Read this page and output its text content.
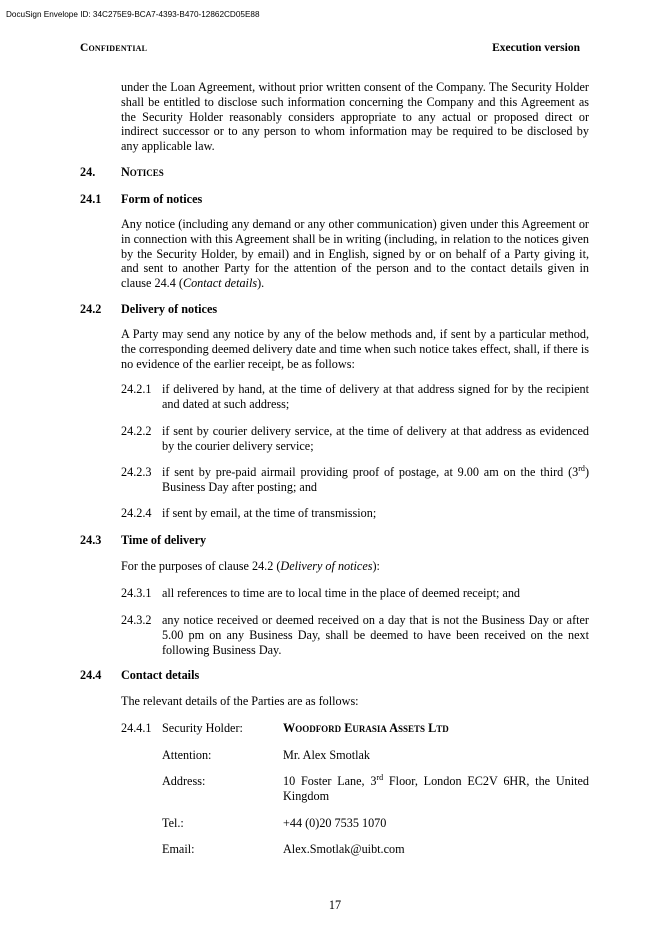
DocuSign Envelope ID: 34C275E9-BCA7-4393-B470-12862CD05E88
Confidential	Execution version
under the Loan Agreement, without prior written consent of the Company. The Security Holder shall be entitled to disclose such information concerning the Company and this Agreement as the Security Holder reasonably considers appropriate to any actual or proposed direct or indirect successor or to any person to whom information may be required to be disclosed by any applicable law.
24. Notices
24.1 Form of notices
Any notice (including any demand or any other communication) given under this Agreement or in connection with this Agreement shall be in writing (including, in relation to the notices given by the Security Holder, by email) and in English, signed by or on behalf of a Party giving it, and sent to another Party for the attention of the person and to the contact details given in clause 24.4 (Contact details).
24.2 Delivery of notices
A Party may send any notice by any of the below methods and, if sent by a particular method, the corresponding deemed delivery date and time when such notice takes effect, shall, if there is no evidence of the earlier receipt, be as follows:
24.2.1 if delivered by hand, at the time of delivery at that address signed for by the recipient and dated at such address;
24.2.2 if sent by courier delivery service, at the time of delivery at that address as evidenced by the courier delivery service;
24.2.3 if sent by pre-paid airmail providing proof of postage, at 9.00 am on the third (3rd) Business Day after posting; and
24.2.4 if sent by email, at the time of transmission;
24.3 Time of delivery
For the purposes of clause 24.2 (Delivery of notices):
24.3.1 all references to time are to local time in the place of deemed receipt; and
24.3.2 any notice received or deemed received on a day that is not the Business Day or after 5.00 pm on any Business Day, shall be deemed to have been received on the next following Business Day.
24.4 Contact details
The relevant details of the Parties are as follows:
24.4.1 Security Holder:	Woodford Eurasia Assets Ltd
Attention:	Mr. Alex Smotlak
Address:	10 Foster Lane, 3rd Floor, London EC2V 6HR, the United Kingdom
Tel.:	+44 (0)20 7535 1070
Email:	Alex.Smotlak@uibt.com
17
